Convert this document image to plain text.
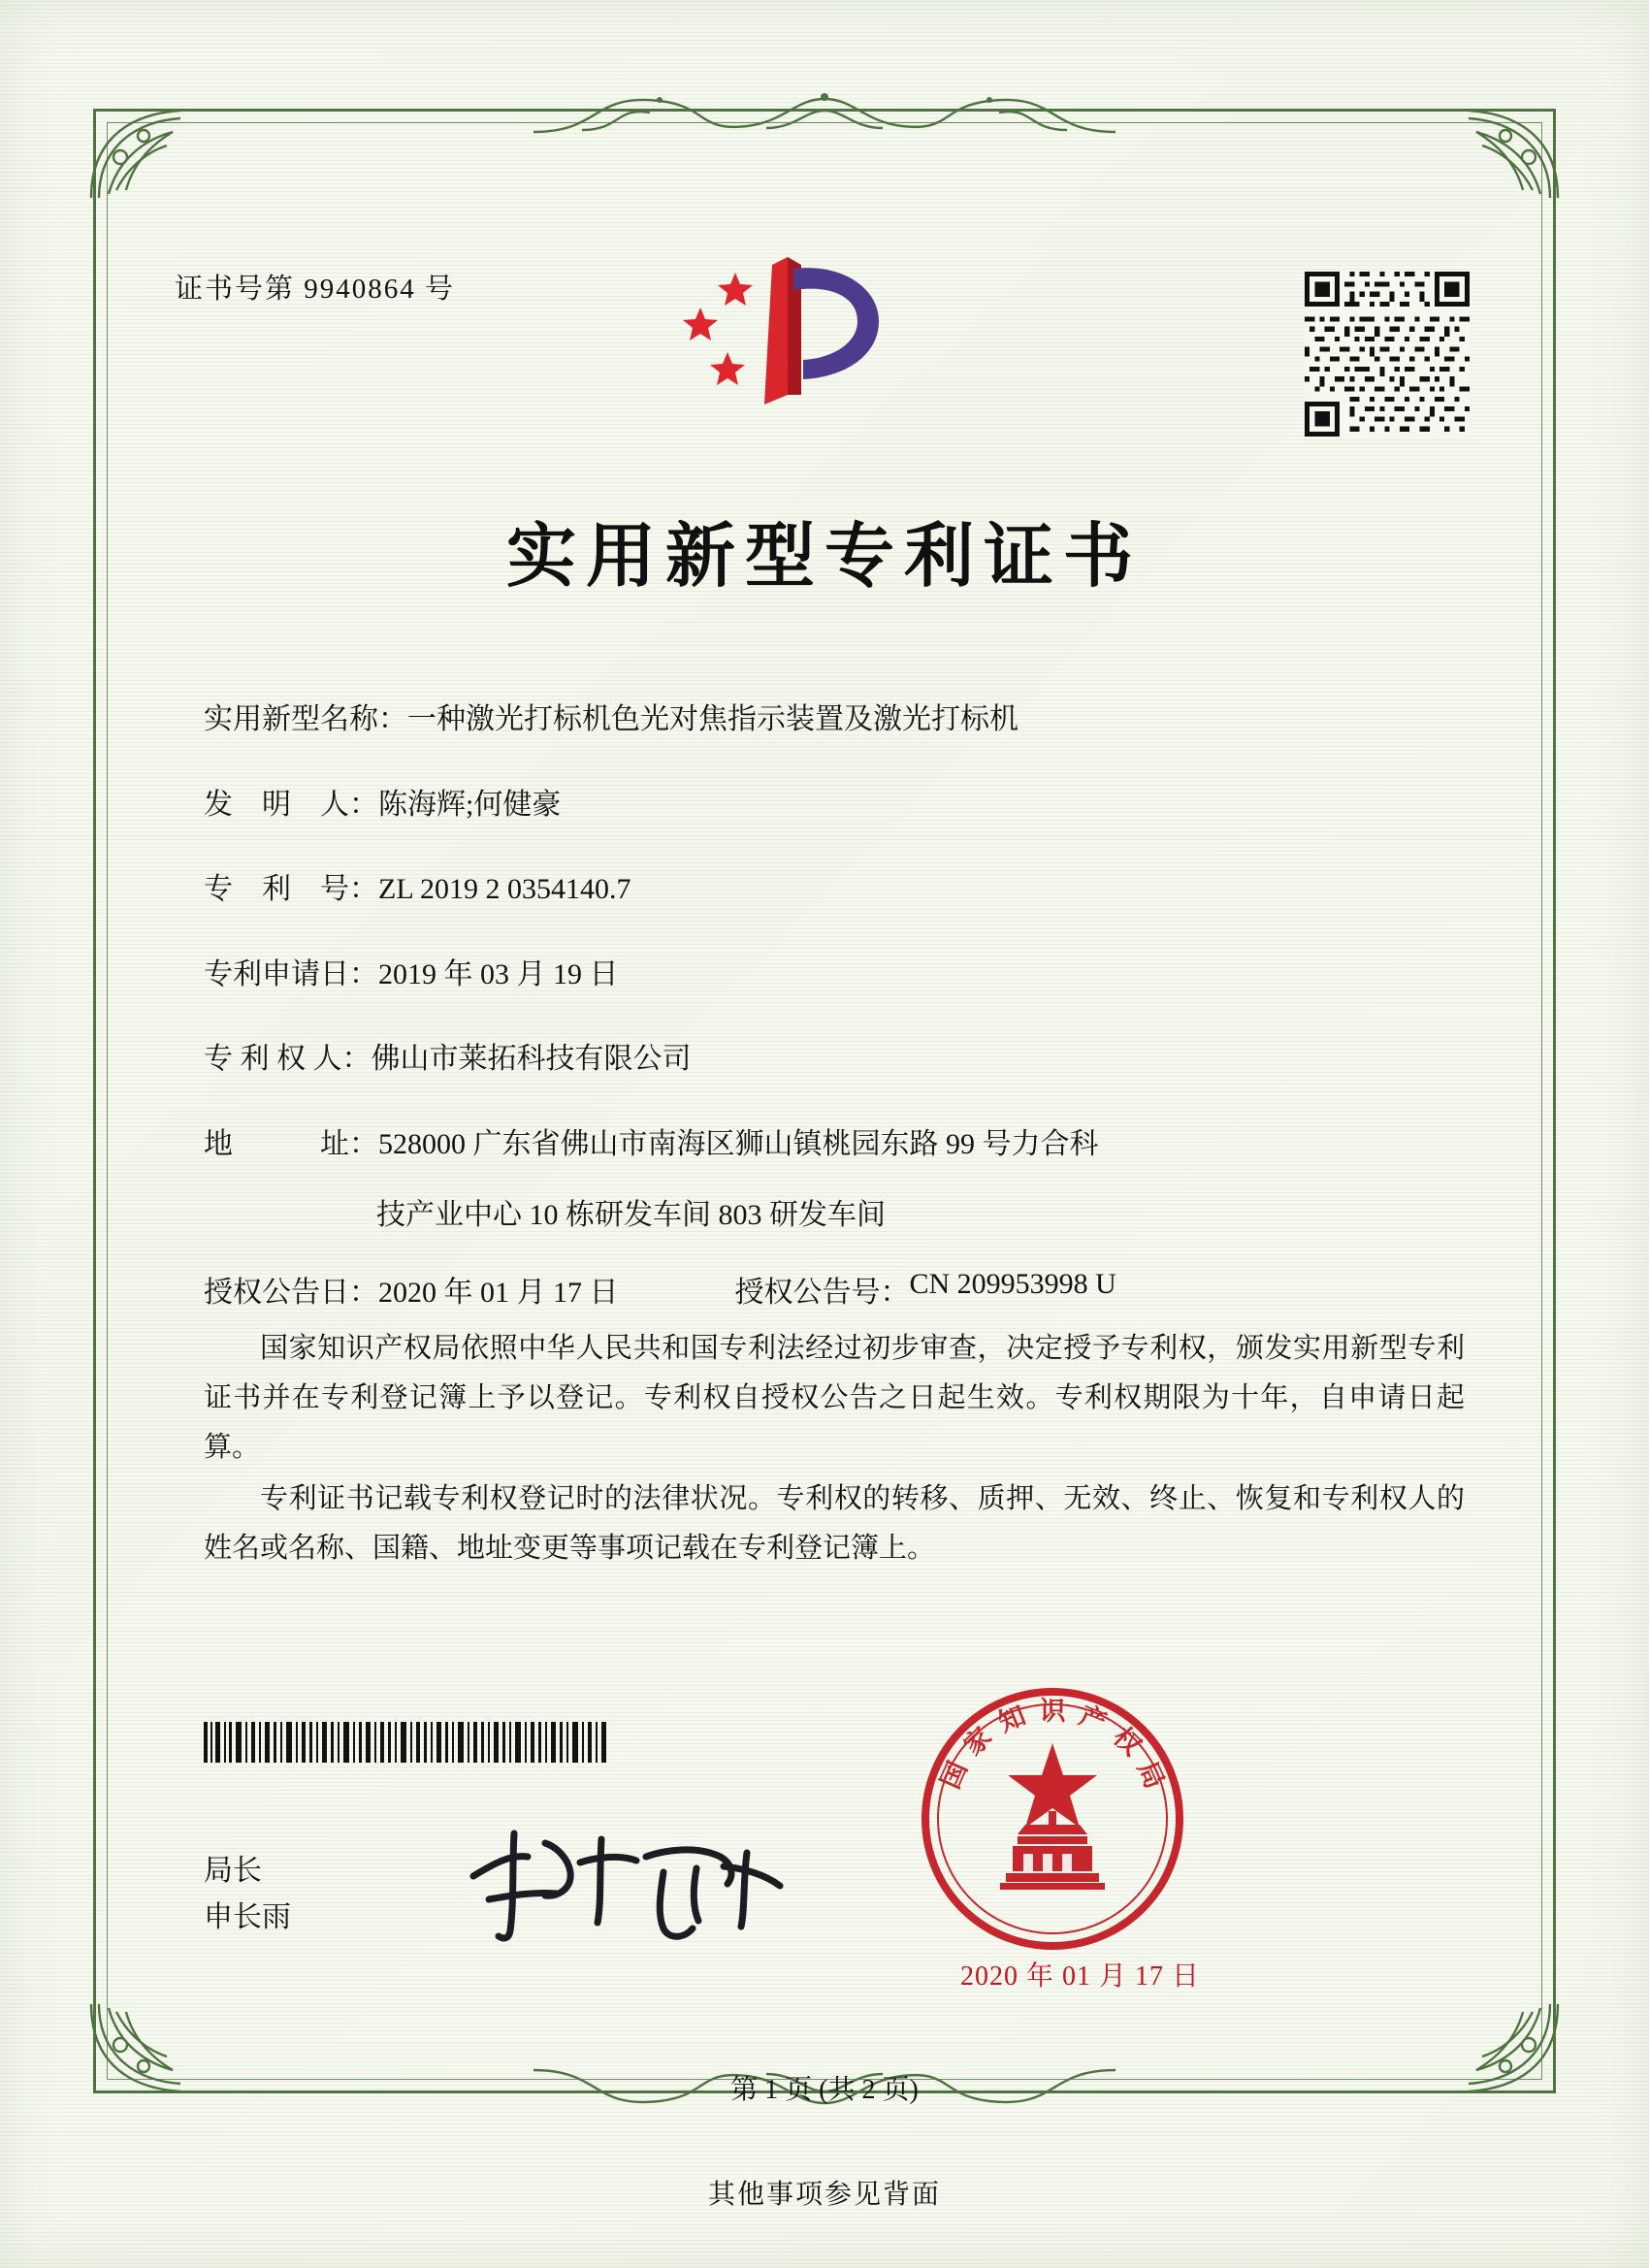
证书号第 9940864 号
实用新型专利证书
实用新型名称： 一种激光打标机色光对焦指示装置及激光打标机
发　明　人： 陈海辉;何健豪
专　利　号： ZL 2019 2 0354140.7
专利申请日： 2019 年 03 月 19 日
专 利 权 人： 佛山市莱拓科技有限公司
地　　　址： 528000 广东省佛山市南海区狮山镇桃园东路 99 号力合科
技产业中心 10 栋研发车间 803 研发车间
授权公告日： 2020 年 01 月 17 日	授权公告号： CN 209953998 U
国家知识产权局依照中华人民共和国专利法经过初步审查，决定授予专利权，颁发实用新型专利证书并在专利登记簿上予以登记。专利权自授权公告之日起生效。专利权期限为十年，自申请日起算。
专利证书记载专利权登记时的法律状况。专利权的转移、质押、无效、终止、恢复和专利权人的姓名或名称、国籍、地址变更等事项记载在专利登记簿上。
国
家
知 识 产
权
局
2020 年 01 月 17 日
局长
申长雨
第 1 页 (共 2 页)
其他事项参见背面
